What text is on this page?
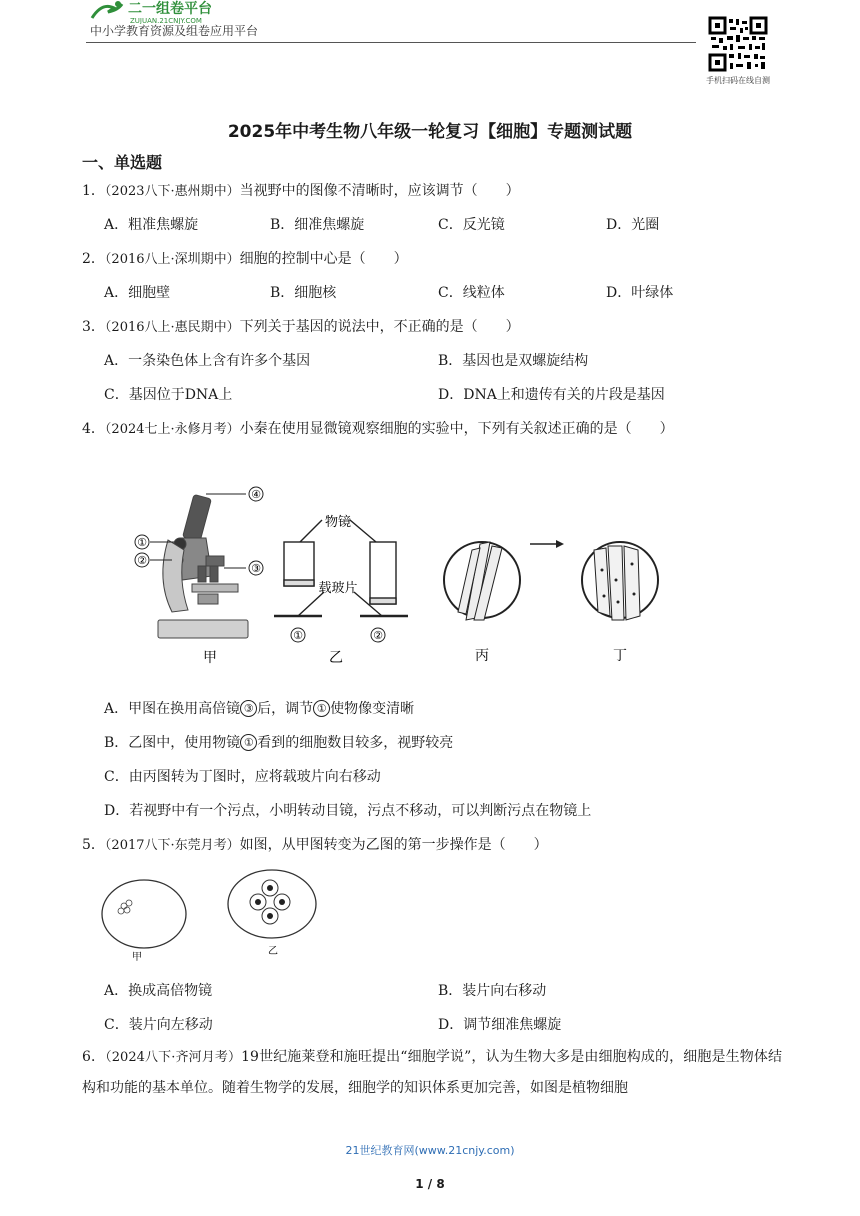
二一组卷平台
ZUJUAN.21CNJY.COM
中小学教育资源及组卷应用平台
手机扫码在线自测
2025年中考生物八年级一轮复习【细胞】专题测试题
一、单选题
1．（2023八下·惠州期中）当视野中的图像不清晰时，应该调节（　　）
A．粗准焦螺旋	B．细准焦螺旋	C．反光镜	D．光圈
2．（2016八上·深圳期中）细胞的控制中心是（　　）
A．细胞壁	B．细胞核	C．线粒体	D．叶绿体
3．（2016八上·惠民期中）下列关于基因的说法中，不正确的是（　　）
A．一条染色体上含有许多个基因	B．基因也是双螺旋结构
C．基因位于DNA上	D．DNA上和遗传有关的片段是基因
4．（2024七上·永修月考）小秦在使用显微镜观察细胞的实验中，下列有关叙述正确的是（　　）
④
①
②
③
甲
物镜
载玻片
①	②
乙	丙	丁
A．甲图在换用高倍镜 ③ 后，调节 ① 使物像变清晰
B．乙图中，使用物镜 ① 看到的细胞数目较多，视野较亮
C．由丙图转为丁图时，应将载玻片向右移动
D．若视野中有一个污点，小明转动目镜，污点不移动，可以判断污点在物镜上
5．（2017八下·东莞月考）如图，从甲图转变为乙图的第一步操作是（　　）
甲
乙
A．换成高倍物镜	B．装片向右移动
C．装片向左移动	D．调节细准焦螺旋
6．（2024八下·齐河月考）19世纪施莱登和施旺提出“细胞学说”，认为生物大多是由细胞构成的，细胞是生物体结构和功能的基本单位。随着生物学的发展，细胞学的知识体系更加完善，如图是植物细胞
21世纪教育网(www.21cnjy.com)
1 / 8
